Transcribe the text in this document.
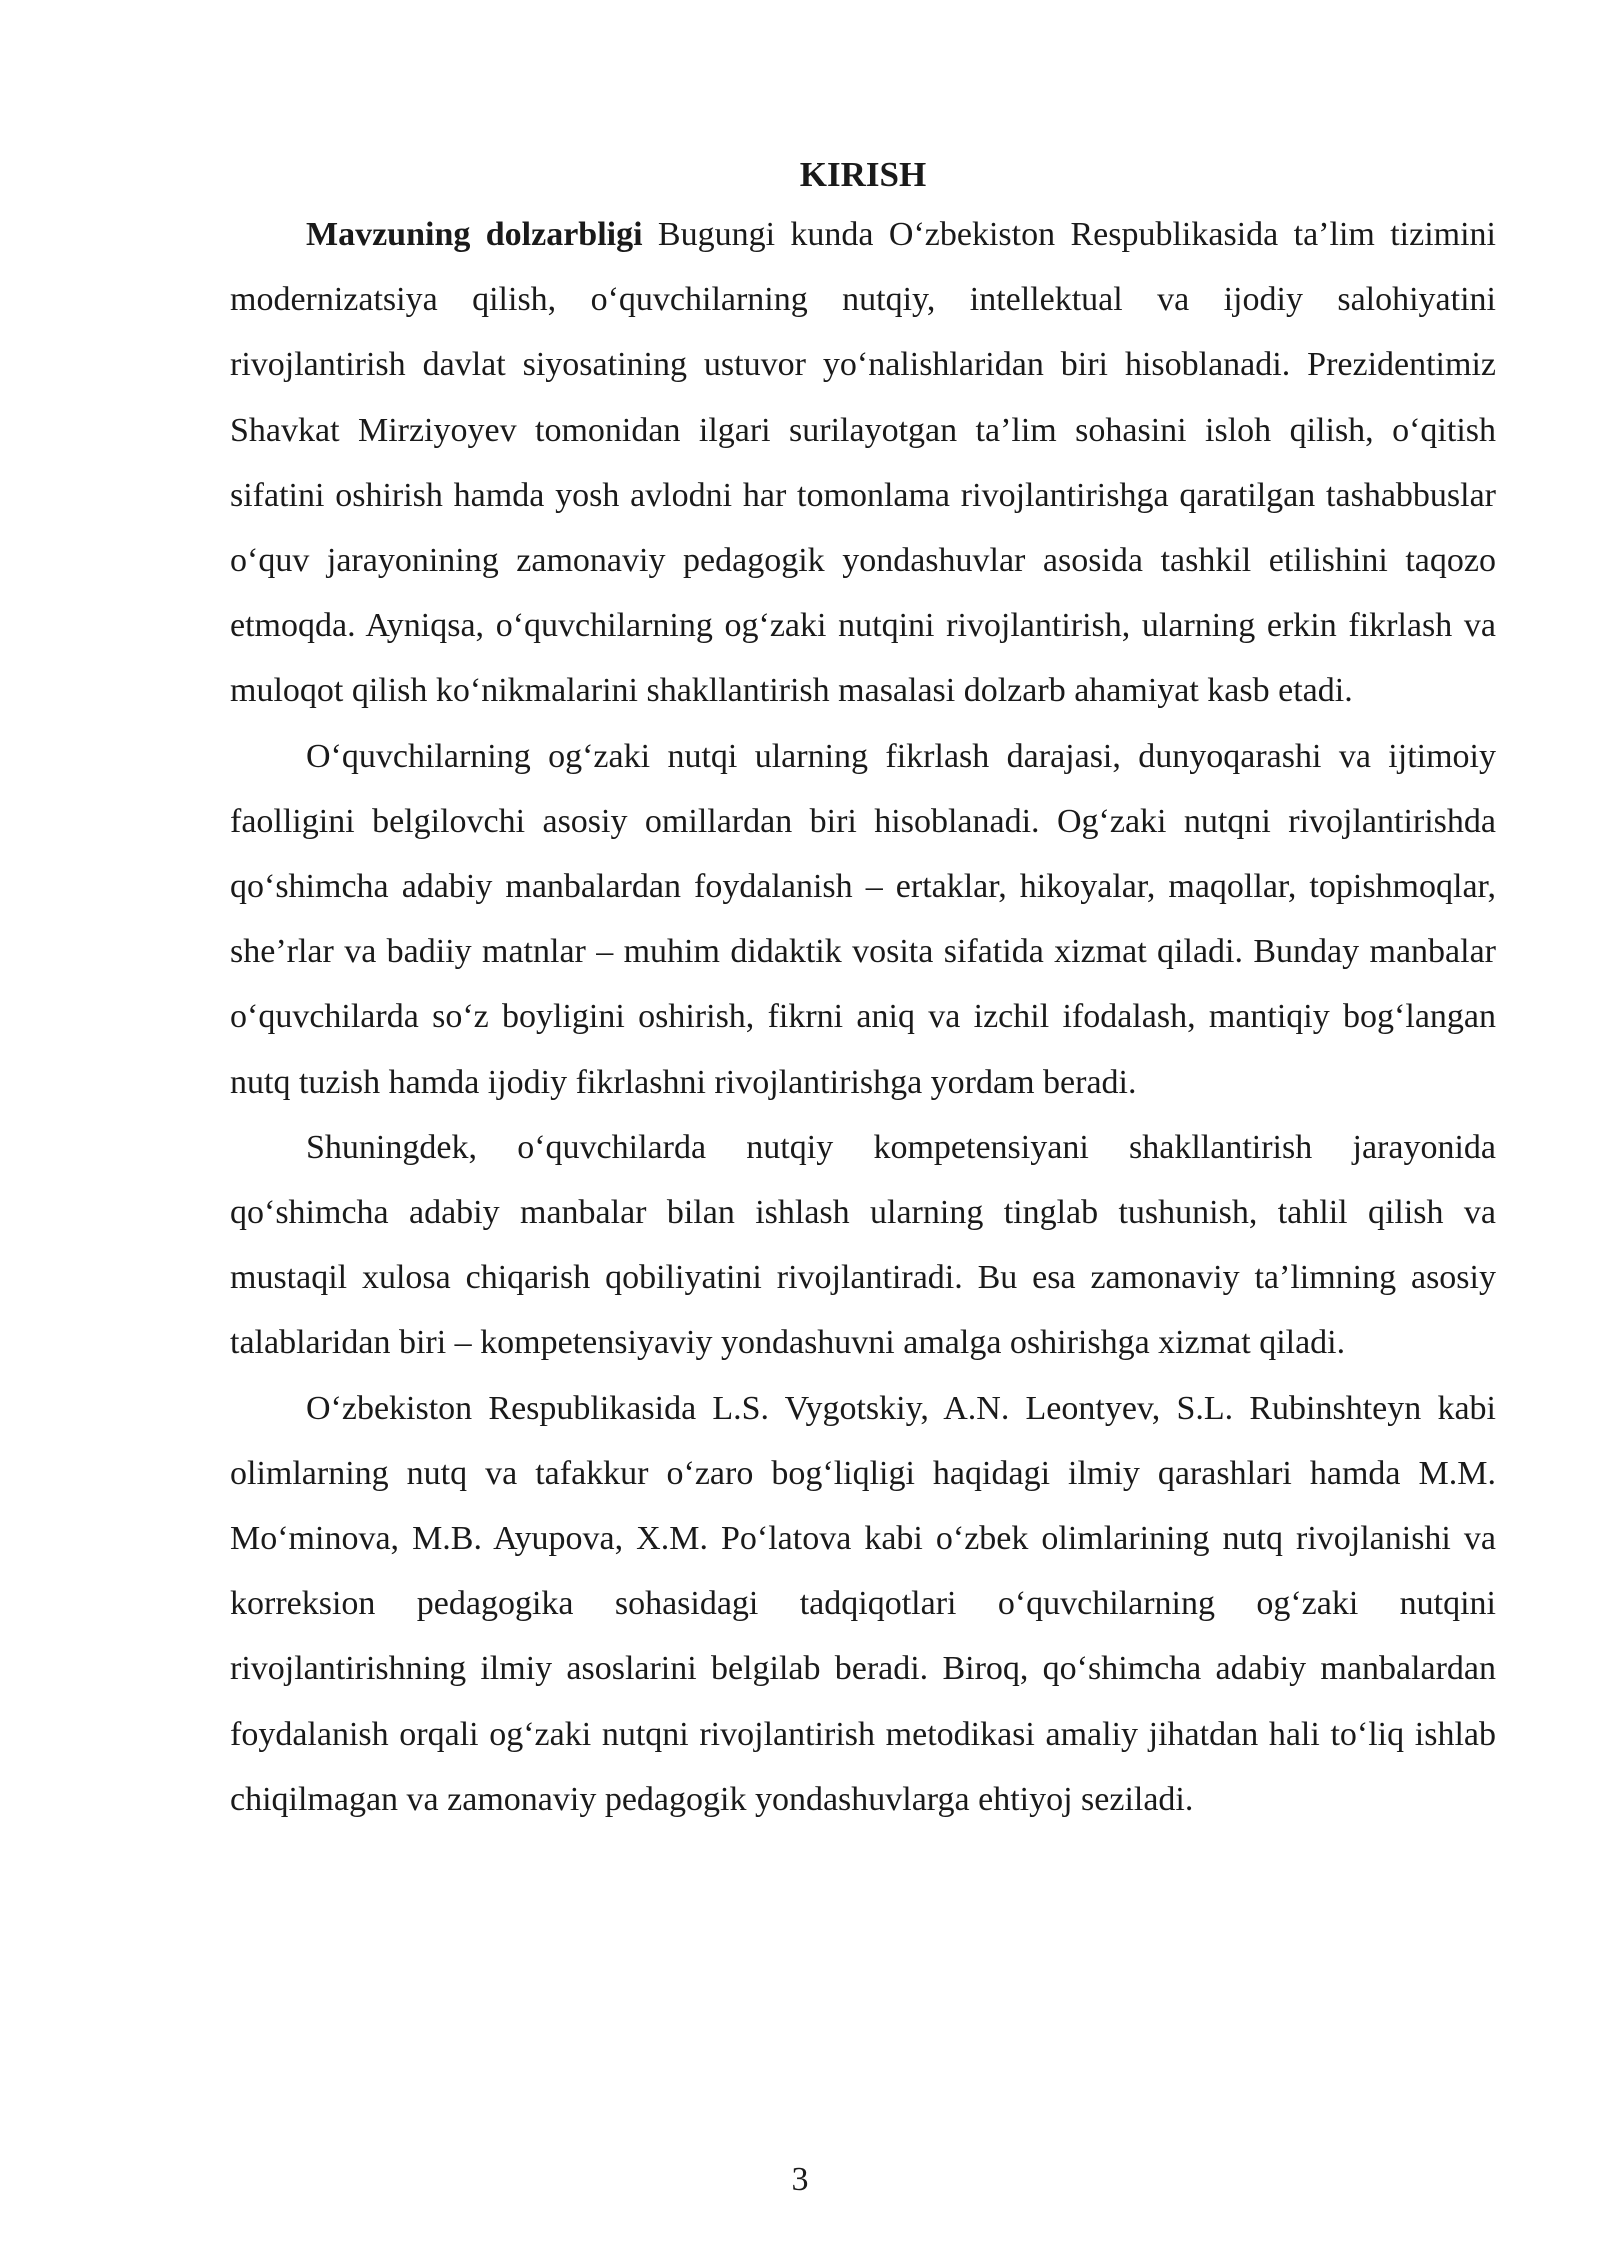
KIRISH

Mavzuning dolzarbligi Bugungi kunda Oʻzbekiston Respublikasida ta’lim tizimini modernizatsiya qilish, oʻquvchilarning nutqiy, intellektual va ijodiy salohiyatini rivojlantirish davlat siyosatining ustuvor yoʻnalishlaridan biri hisoblanadi. Prezidentimiz Shavkat Mirziyoyev tomonidan ilgari surilayotgan ta’lim sohasini isloh qilish, oʻqitish sifatini oshirish hamda yosh avlodni har tomonlama rivojlantirishga qaratilgan tashabbuslar oʻquv jarayonining zamonaviy pedagogik yondashuvlar asosida tashkil etilishini taqozo etmoqda. Ayniqsa, oʻquvchilarning ogʻzaki nutqini rivojlantirish, ularning erkin fikrlash va muloqot qilish koʻnikmalarini shakllantirish masalasi dolzarb ahamiyat kasb etadi.

Oʻquvchilarning ogʻzaki nutqi ularning fikrlash darajasi, dunyoqarashi va ijtimoiy faolligini belgilovchi asosiy omillardan biri hisoblanadi. Ogʻzaki nutqni rivojlantirishda qoʻshimcha adabiy manbalardan foydalanish – ertaklar, hikoyalar, maqollar, topishmoqlar, she’rlar va badiiy matnlar – muhim didaktik vosita sifatida xizmat qiladi. Bunday manbalar oʻquvchilarda soʻz boyligini oshirish, fikrni aniq va izchil ifodalash, mantiqiy bogʻlangan nutq tuzish hamda ijodiy fikrlashni rivojlantirishga yordam beradi.

Shuningdek, oʻquvchilarda nutqiy kompetensiyani shakllantirish jarayonida qoʻshimcha adabiy manbalar bilan ishlash ularning tinglab tushunish, tahlil qilish va mustaqil xulosa chiqarish qobiliyatini rivojlantiradi. Bu esa zamonaviy ta’limning asosiy talablaridan biri – kompetensiyaviy yondashuvni amalga oshirishga xizmat qiladi.

Oʻzbekiston Respublikasida L.S. Vygotskiy, A.N. Leontyev, S.L. Rubinshteyn kabi olimlarning nutq va tafakkur oʻzaro bogʻliqligi haqidagi ilmiy qarashlari hamda M.M. Moʻminova, M.B. Ayupova, X.M. Poʻlatova kabi oʻzbek olimlarining nutq rivojlanishi va korreksion pedagogika sohasidagi tadqiqotlari oʻquvchilarning ogʻzaki nutqini rivojlantirishning ilmiy asoslarini belgilab beradi. Biroq, qoʻshimcha adabiy manbalardan foydalanish orqali ogʻzaki nutqni rivojlantirish metodikasi amaliy jihatdan hali toʻliq ishlab chiqilmagan va zamonaviy pedagogik yondashuvlarga ehtiyoj seziladi.

3
